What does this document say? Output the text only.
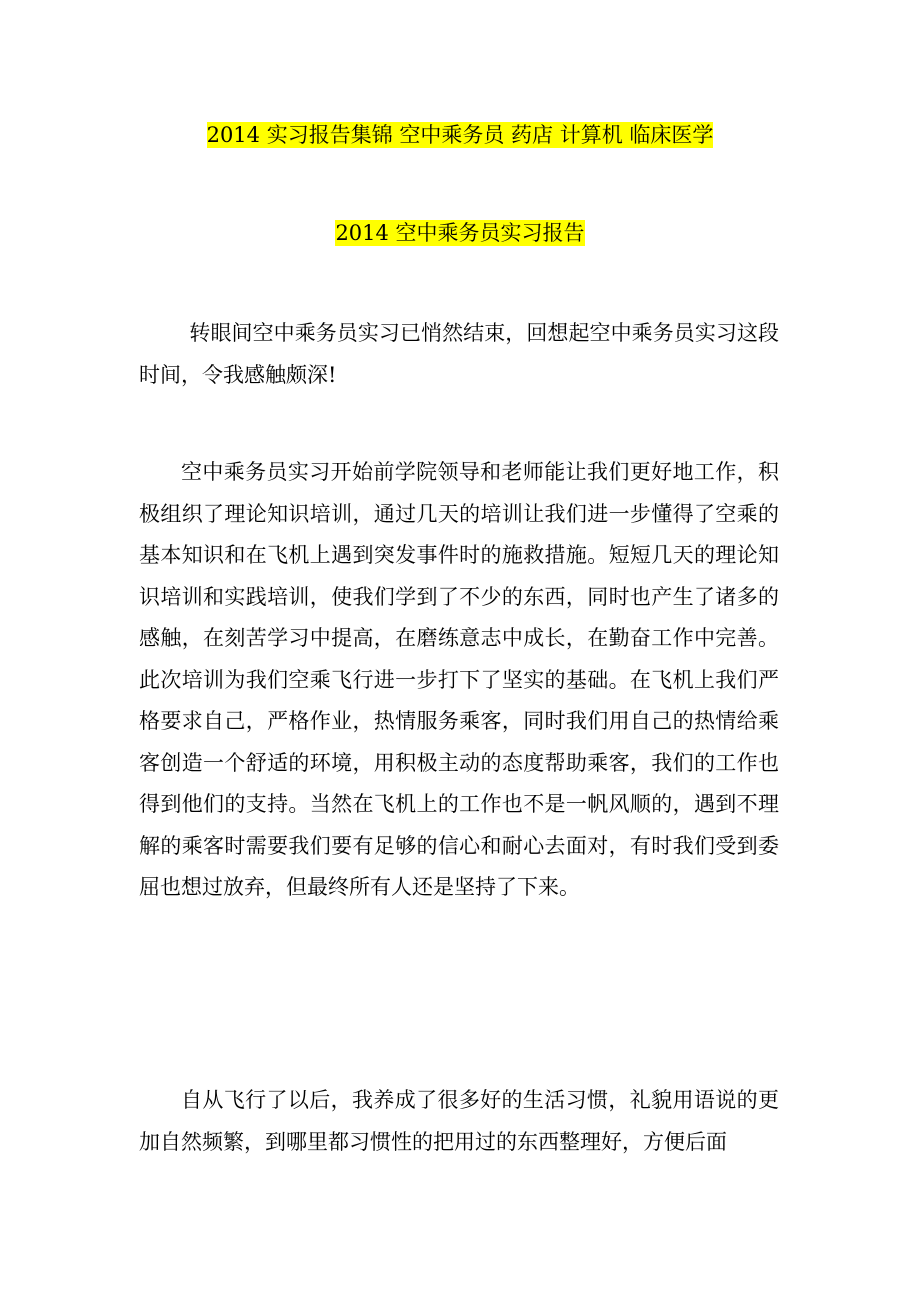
2014 实习报告集锦 空中乘务员 药店 计算机 临床医学
2014 空中乘务员实习报告

转眼间空中乘务员实习已悄然结束，回想起空中乘务员实习这段时间，令我感触颇深!

空中乘务员实习开始前学院领导和老师能让我们更好地工作，积极组织了理论知识培训，通过几天的培训让我们进一步懂得了空乘的基本知识和在飞机上遇到突发事件时的施救措施。短短几天的理论知识培训和实践培训，使我们学到了不少的东西，同时也产生了诸多的感触，在刻苦学习中提高，在磨练意志中成长，在勤奋工作中完善。此次培训为我们空乘飞行进一步打下了坚实的基础。在飞机上我们严格要求自己，严格作业，热情服务乘客，同时我们用自己的热情给乘客创造一个舒适的环境，用积极主动的态度帮助乘客，我们的工作也得到他们的支持。当然在飞机上的工作也不是一帆风顺的，遇到不理解的乘客时需要我们要有足够的信心和耐心去面对，有时我们受到委屈也想过放弃，但最终所有人还是坚持了下来。

自从飞行了以后，我养成了很多好的生活习惯，礼貌用语说的更加自然频繁，到哪里都习惯性的把用过的东西整理好，方便后面
